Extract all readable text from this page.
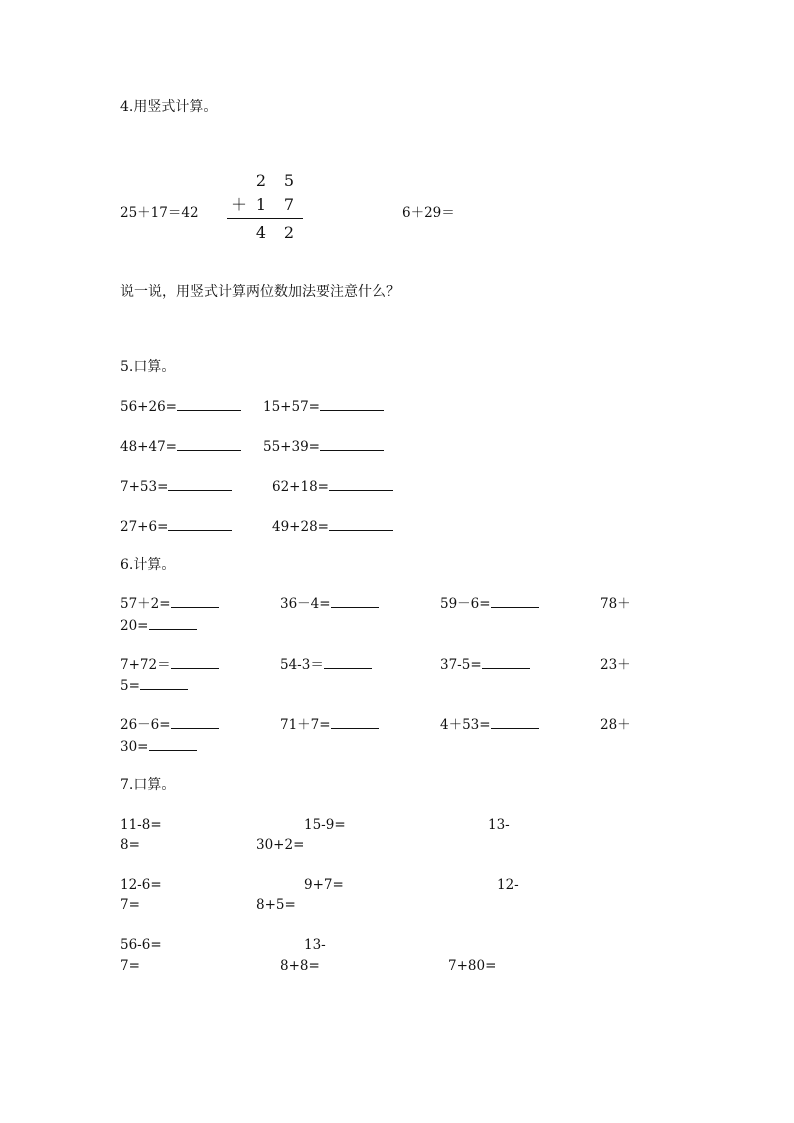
4.用竖式计算。
2 5
＋ 1 7
4 2
25＋17＝42	6＋29＝
说一说，用竖式计算两位数加法要注意什么？
5.口算。
56+26=	15+57=
48+47=	55+39=
7+53=	62+18=
27+6=	49+28=
6.计算。
57＋2=	36－4=	59－6=	78＋
20=
7+72＝	54-3＝	37-5=	23＋
5=
26－6=	71＋7=	4＋53=	28＋
30=
7.口算。
11-8=	15-9=	13-
8=	30+2=
12-6=	9+7=	12-
7=	8+5=
56-6=	13-
7=	8+8=	7+80=
